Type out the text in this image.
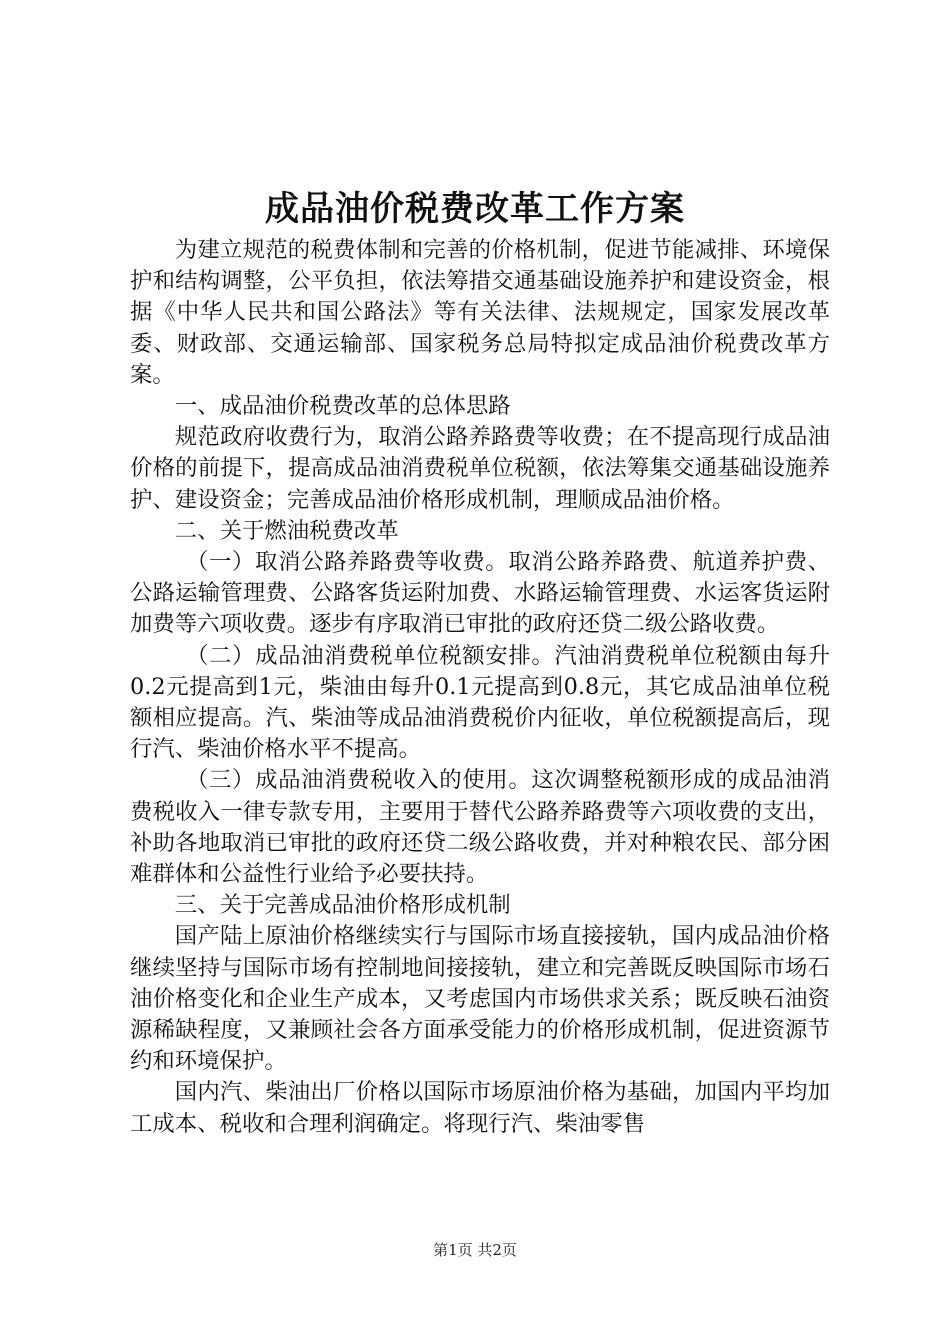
成品油价税费改革工作方案

为建立规范的税费体制和完善的价格机制，促进节能减排、环境保护和结构调整，公平负担，依法筹措交通基础设施养护和建设资金，根据《中华人民共和国公路法》等有关法律、法规规定，国家发展改革委、财政部、交通运输部、国家税务总局特拟定成品油价税费改革方案。

一、成品油价税费改革的总体思路

规范政府收费行为，取消公路养路费等收费；在不提高现行成品油价格的前提下，提高成品油消费税单位税额，依法筹集交通基础设施养护、建设资金；完善成品油价格形成机制，理顺成品油价格。

二、关于燃油税费改革

（一）取消公路养路费等收费。取消公路养路费、航道养护费、公路运输管理费、公路客货运附加费、水路运输管理费、水运客货运附加费等六项收费。逐步有序取消已审批的政府还贷二级公路收费。

（二）成品油消费税单位税额安排。汽油消费税单位税额由每升0.2元提高到1元，柴油由每升0.1元提高到0.8元，其它成品油单位税额相应提高。汽、柴油等成品油消费税价内征收，单位税额提高后，现行汽、柴油价格水平不提高。

（三）成品油消费税收入的使用。这次调整税额形成的成品油消费税收入一律专款专用，主要用于替代公路养路费等六项收费的支出，补助各地取消已审批的政府还贷二级公路收费，并对种粮农民、部分困难群体和公益性行业给予必要扶持。

三、关于完善成品油价格形成机制

国产陆上原油价格继续实行与国际市场直接接轨，国内成品油价格继续坚持与国际市场有控制地间接接轨，建立和完善既反映国际市场石油价格变化和企业生产成本，又考虑国内市场供求关系；既反映石油资源稀缺程度，又兼顾社会各方面承受能力的价格形成机制，促进资源节约和环境保护。

国内汽、柴油出厂价格以国际市场原油价格为基础，加国内平均加工成本、税收和合理利润确定。将现行汽、柴油零售

第1页 共2页
